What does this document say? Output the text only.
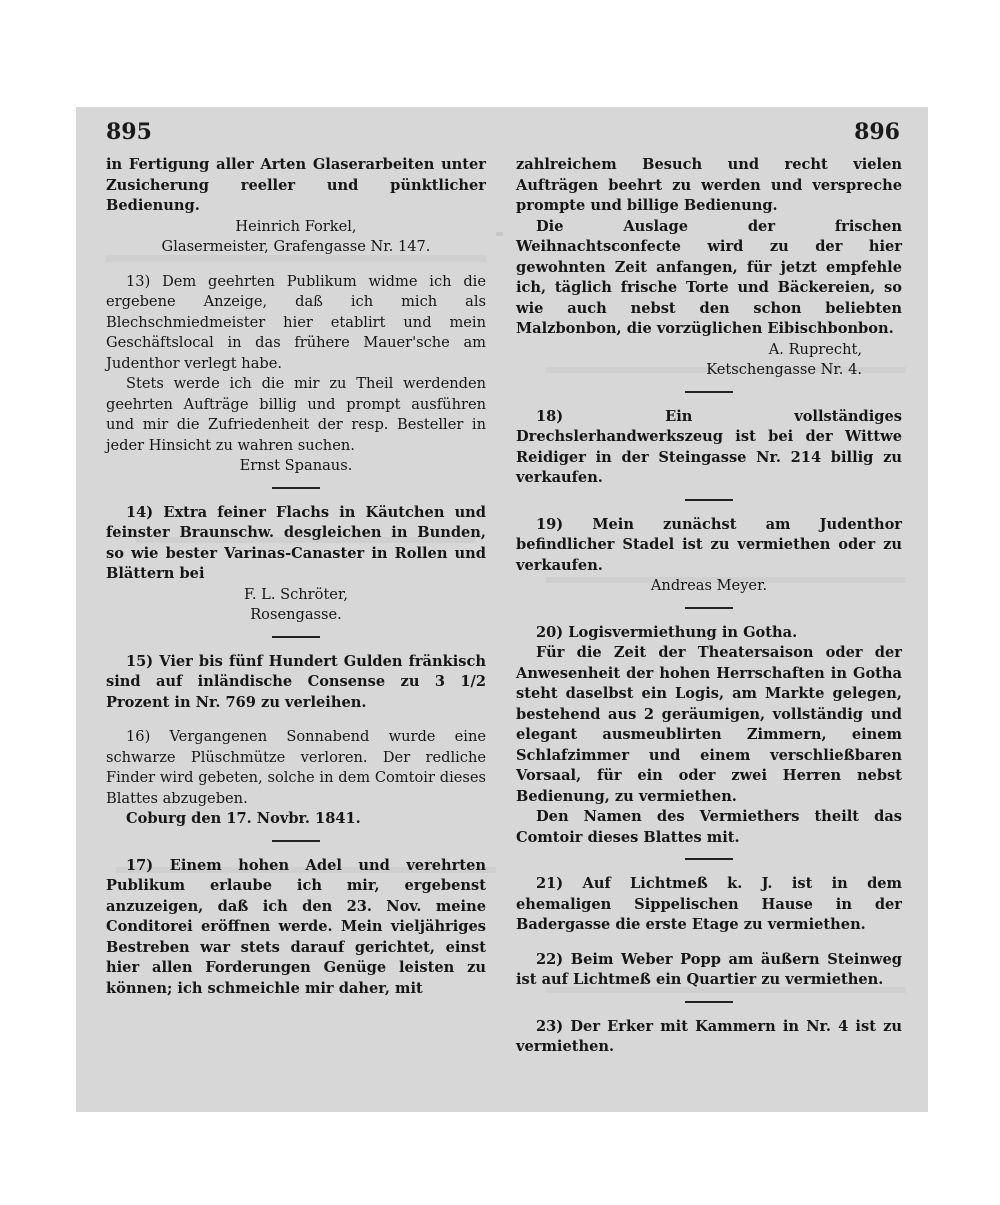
895	896

in Fertigung aller Arten Glaserarbeiten unter Zusicherung reeller und pünktlicher Bedienung.

Heinrich Forkel,

Glasermeister, Grafengasse Nr. 147.

13) Dem geehrten Publikum widme ich die ergebene Anzeige, daß ich mich als Blechschmiedmeister hier etablirt und mein Geschäftslocal in das frühere Mauer'sche am Judenthor verlegt habe.

Stets werde ich die mir zu Theil werdenden geehrten Aufträge billig und prompt ausführen und mir die Zufriedenheit der resp. Besteller in jeder Hinsicht zu wahren suchen.

Ernst Spanaus.

14) Extra feiner Flachs in Käutchen und feinster Braunschw. desgleichen in Bunden, so wie bester Varinas-Canaster in Rollen und Blättern bei

F. L. Schröter,

Rosengasse.

15) Vier bis fünf Hundert Gulden fränkisch sind auf inländische Consense zu 3 1/2 Prozent in Nr. 769 zu verleihen.

16) Vergangenen Sonnabend wurde eine schwarze Plüschmütze verloren. Der redliche Finder wird gebeten, solche in dem Comtoir dieses Blattes abzugeben.

Coburg den 17. Novbr. 1841.

17) Einem hohen Adel und verehrten Publikum erlaube ich mir, ergebenst anzuzeigen, daß ich den 23. Nov. meine Conditorei eröffnen werde. Mein vieljähriges Bestreben war stets darauf gerichtet, einst hier allen Forderungen Genüge leisten zu können; ich schmeichle mir daher, mit

zahlreichem Besuch und recht vielen Aufträgen beehrt zu werden und verspreche prompte und billige Bedienung.

Die Auslage der frischen Weihnachtsconfecte wird zu der hier gewohnten Zeit anfangen, für jetzt empfehle ich, täglich frische Torte und Bäckereien, so wie auch nebst den schon beliebten Malzbonbon, die vorzüglichen Eibischbonbon.

A. Ruprecht,

Ketschengasse Nr. 4.

18) Ein vollständiges Drechslerhandwerkszeug ist bei der Wittwe Reidiger in der Steingasse Nr. 214 billig zu verkaufen.

19) Mein zunächst am Judenthor befindlicher Stadel ist zu vermiethen oder zu verkaufen.

Andreas Meyer.

20) Logisvermiethung in Gotha.

Für die Zeit der Theatersaison oder der Anwesenheit der hohen Herrschaften in Gotha steht daselbst ein Logis, am Markte gelegen, bestehend aus 2 geräumigen, vollständig und elegant ausmeublirten Zimmern, einem Schlafzimmer und einem verschließbaren Vorsaal, für ein oder zwei Herren nebst Bedienung, zu vermiethen.

Den Namen des Vermiethers theilt das Comtoir dieses Blattes mit.

21) Auf Lichtmeß k. J. ist in dem ehemaligen Sippelischen Hause in der Badergasse die erste Etage zu vermiethen.

22) Beim Weber Popp am äußern Steinweg ist auf Lichtmeß ein Quartier zu vermiethen.

23) Der Erker mit Kammern in Nr. 4 ist zu vermiethen.
